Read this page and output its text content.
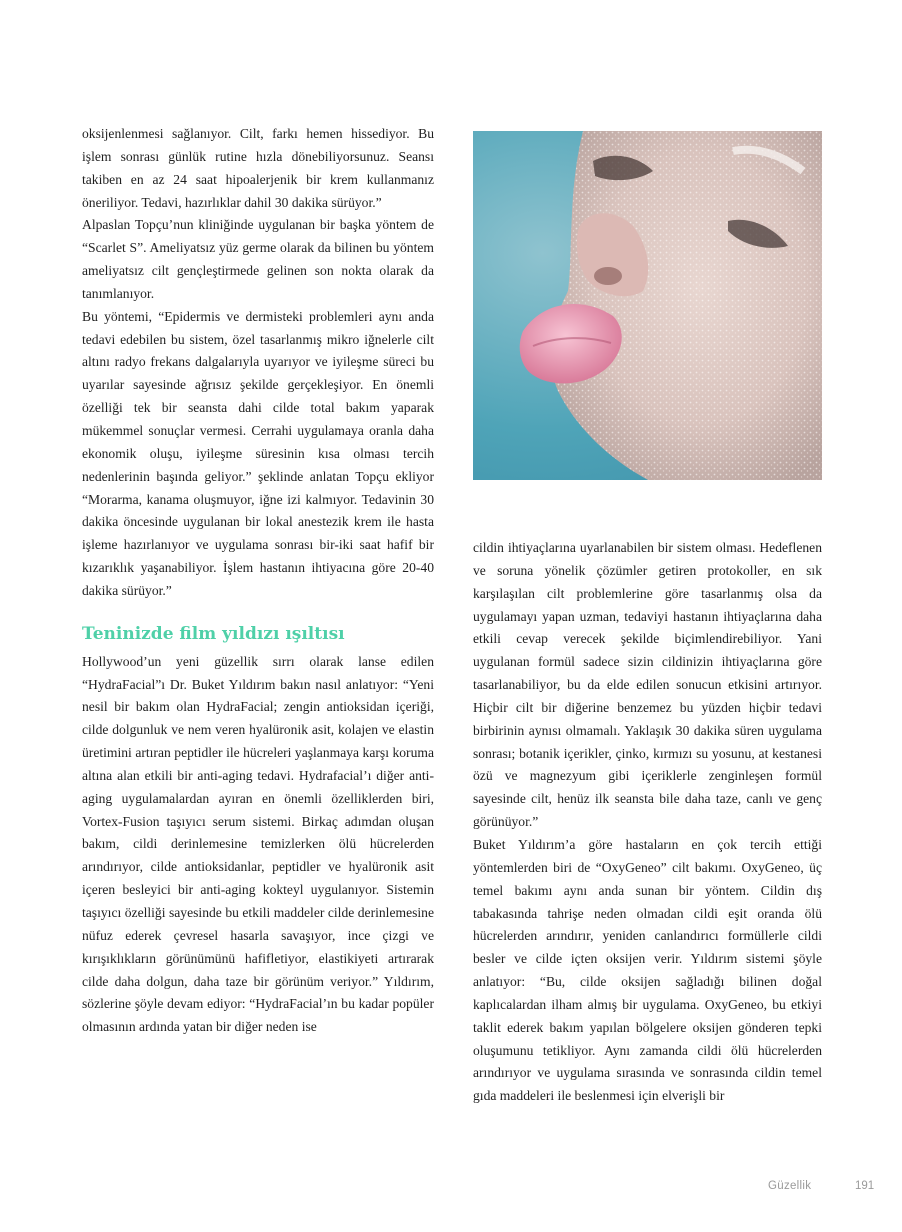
oksijenlenmesi sağlanıyor. Cilt, farkı hemen hissediyor. Bu işlem sonrası günlük rutine hızla dönebiliyorsunuz. Seansı takiben en az 24 saat hipoalerjenik bir krem kullanmanız öneriliyor. Tedavi, hazırlıklar dahil 30 dakika sürüyor.”

Alpaslan Topçu’nun kliniğinde uygulanan bir başka yöntem de “Scarlet S”. Ameliyatsız yüz germe olarak da bilinen bu yöntem ameliyatsız cilt gençleştirmede gelinen son nokta olarak da tanımlanıyor.

Bu yöntemi, “Epidermis ve dermisteki problemleri aynı anda tedavi edebilen bu sistem, özel tasarlanmış mikro iğnelerle cilt altını radyo frekans dalgalarıyla uyarıyor ve iyileşme süreci bu uyarılar sayesinde ağrısız şekilde gerçekleşiyor. En önemli özelliği tek bir seansta dahi cilde total bakım yaparak mükemmel sonuçlar vermesi. Cerrahi uygulamaya oranla daha ekonomik oluşu, iyileşme süresinin kısa olması tercih nedenlerinin başında geliyor.” şeklinde anlatan Topçu ekliyor “Morarma, kanama oluşmuyor, iğne izi kalmıyor. Tedavinin 30 dakika öncesinde uygulanan bir lokal anestezik krem ile hasta işleme hazırlanıyor ve uygulama sonrası bir-iki saat hafif bir kızarıklık yaşanabiliyor. İşlem hastanın ihtiyacına göre 20-40 dakika sürüyor.”

Teninizde film yıldızı ışıltısı

Hollywood’un yeni güzellik sırrı olarak lanse edilen “HydraFacial”ı Dr. Buket Yıldırım bakın nasıl anlatıyor: “Yeni nesil bir bakım olan HydraFacial; zengin antioksidan içeriği, cilde dolgunluk ve nem veren hyalüronik asit, kolajen ve elastin üretimini artıran peptidler ile hücreleri yaşlanmaya karşı koruma altına alan etkili bir anti-aging tedavi. Hydrafacial’ı diğer anti-aging uygulamalardan ayıran en önemli özelliklerden biri, Vortex-Fusion taşıyıcı serum sistemi. Birkaç adımdan oluşan bakım, cildi derinlemesine temizlerken ölü hücrelerden arındırıyor, cilde antioksidanlar, peptidler ve hyalüronik asit içeren besleyici bir anti-aging kokteyl uygulanıyor. Sistemin taşıyıcı özelliği sayesinde bu etkili maddeler cilde derinlemesine nüfuz ederek çevresel hasarla savaşıyor, ince çizgi ve kırışıklıkların görünümünü hafifletiyor, elastikiyeti artırarak cilde daha dolgun, daha taze bir görünüm veriyor.” Yıldırım, sözlerine şöyle devam ediyor: “HydraFacial’ın bu kadar popüler olmasının ardında yatan bir diğer neden ise

cildin ihtiyaçlarına uyarlanabilen bir sistem olması. Hedeflenen ve soruna yönelik çözümler getiren protokoller, en sık karşılaşılan cilt problemlerine göre tasarlanmış olsa da uygulamayı yapan uzman, tedaviyi hastanın ihtiyaçlarına daha etkili cevap verecek şekilde biçimlendirebiliyor. Yani uygulanan formül sadece sizin cildinizin ihtiyaçlarına göre tasarlanabiliyor, bu da elde edilen sonucun etkisini artırıyor. Hiçbir cilt bir diğerine benzemez bu yüzden hiçbir tedavi birbirinin aynısı olmamalı. Yaklaşık 30 dakika süren uygulama sonrası; botanik içerikler, çinko, kırmızı su yosunu, at kestanesi özü ve magnezyum gibi içeriklerle zenginleşen formül sayesinde cilt, henüz ilk seansta bile daha taze, canlı ve genç görünüyor.”

Buket Yıldırım’a göre hastaların en çok tercih ettiği yöntemlerden biri de “OxyGeneo” cilt bakımı. OxyGeneo, üç temel bakımı aynı anda sunan bir yöntem. Cildin dış tabakasında tahrişe neden olmadan cildi eşit oranda ölü hücrelerden arındırır, yeniden canlandırıcı formüllerle cildi besler ve cilde içten oksijen verir. Yıldırım sistemi şöyle anlatıyor: “Bu, cilde oksijen sağladığı bilinen doğal kaplıcalardan ilham almış bir uygulama. OxyGeneo, bu etkiyi taklit ederek bakım yapılan bölgelere oksijen gönderen tepki oluşumunu tetikliyor. Aynı zamanda cildi ölü hücrelerden arındırıyor ve uygulama sırasında ve sonrasında cildin temel gıda maddeleri ile beslenmesi için elverişli bir

Güzellik	191
